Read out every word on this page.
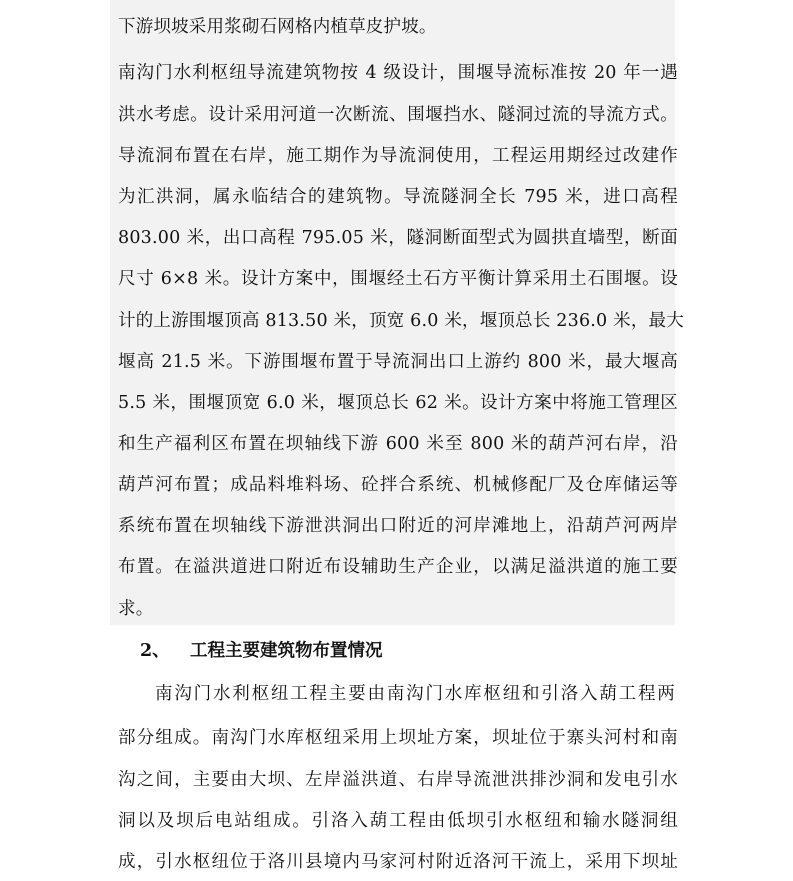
下游坝坡采用浆砌石网格内植草皮护坡。
南沟门水利枢纽导流建筑物按 4 级设计，围堰导流标准按 20 年一遇
洪水考虑。设计采用河道一次断流、围堰挡水、隧洞过流的导流方式。
导流洞布置在右岸，施工期作为导流洞使用，工程运用期经过改建作
为汇洪洞，属永临结合的建筑物。导流隧洞全长 795 米，进口高程
803.00 米，出口高程 795.05 米，隧洞断面型式为圆拱直墙型，断面
尺寸 6×8 米。设计方案中，围堰经土石方平衡计算采用土石围堰。设
计的上游围堰顶高 813.50 米，顶宽 6.0 米，堰顶总长 236.0 米，最大
堰高 21.5 米。下游围堰布置于导流洞出口上游约 800 米，最大堰高
5.5 米，围堰顶宽 6.0 米，堰顶总长 62 米。设计方案中将施工管理区
和生产福利区布置在坝轴线下游 600 米至 800 米的葫芦河右岸，沿
葫芦河布置；成品料堆料场、砼拌合系统、机械修配厂及仓库储运等
系统布置在坝轴线下游泄洪洞出口附近的河岸滩地上，沿葫芦河两岸
布置。在溢洪道进口附近布设辅助生产企业，以满足溢洪道的施工要
求。
2、 工程主要建筑物布置情况
南沟门水利枢纽工程主要由南沟门水库枢纽和引洛入葫工程两
部分组成。南沟门水库枢纽采用上坝址方案，坝址位于寨头河村和南
沟之间，主要由大坝、左岸溢洪道、右岸导流泄洪排沙洞和发电引水
洞以及坝后电站组成。引洛入葫工程由低坝引水枢纽和输水隧洞组
成，引水枢纽位于洛川县境内马家河村附近洛河干流上，采用下坝址
